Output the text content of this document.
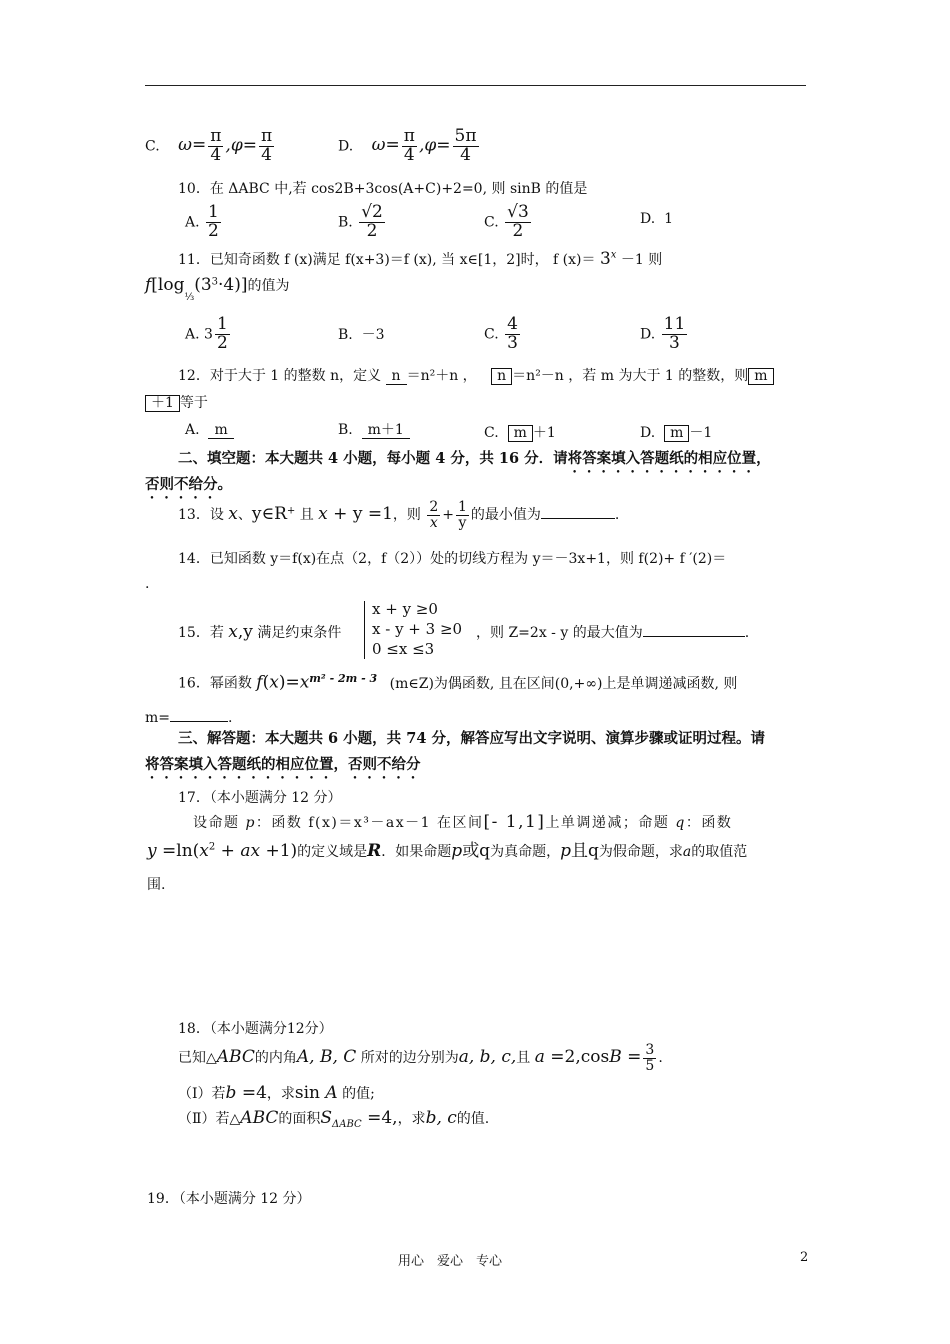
C. $\omega= \frac{\pi}{4} ,\varphi= \frac{\pi}{4}$	D. $\omega= \frac{\pi}{4} ,\varphi= \frac{5\pi}{4}$
10．在 ΔABC 中,若 cos2B+3cos(A+C)+2=0, 则 sinB 的值是
A. $\frac{1}{2}$	B. $\frac{√2}{2}$	C. $\frac{√3}{2}$	D. 1
11．已知奇函数 f (x)满足 f(x+3)＝f (x), 当 x∈[1，2]时， f $(x)= 3^x -1$ 则
$f[\log_{\frac{1}{3}}(3^3\cdot 4)]$的值为
A. $3 \frac{1}{2}$	B. －3	C. $\frac{4}{3}$	D. $\frac{11}{3}$
12．对于大于 1 的整数 n，定义 n ＝n²＋n ， n ＝n²－n ，若 m 为大于 1 的整数，则 m
＋1 等于
A. m	B. m＋1	C. m ＋1	D. m －1
二、填空题：本大题共 4 小题，每小题 4 分，共 16 分．请将答案填入答题纸的相应位置，
否则不给分。
13．设 x、y∈R+ 且 x + y =1，则 $\frac{2}{x} + \frac{1}{y}$ 的最小值为	.
14．已知函数 y＝f(x)在点（2，f（2））处的切线方程为 y＝－3x+1，则 f(2)+ f ′(2)＝
.
15．若 x,y 满足约束条件
x + y ≥0
x - y + 3 ≥0
0 ≤x ≤3
，则 Z=2x - y 的最大值为	.
16．幂函数 $f(x)=x^{m^2 - 2m - 3}$ (m∈Z)为偶函数, 且在区间(0,+∞)上是单调递减函数, 则
m=	.
三、解答题：本大题共 6 小题，共 74 分，解答应写出文字说明、演算步骤或证明过程。请
将答案填入答题纸的相应位置，否则不给分
17．（本小题满分 12 分）
设命题 p：函数 f(x)＝x³－ax－1 在区间[- 1,1]上单调递减；命题 q：函数
$y =\ln(x^2$ + ax +1)的定义域是R．如果命题p或q为真命题，p且q为假命题，求a的取值范
围.
18．（本小题满分12分）
已知△ABC的内角A, B, C 所对的边分别为a, b, c,且 $a =2,\cos B = \frac{3}{5}$ .
（Ⅰ）若b =4，求sin A 的值;
（Ⅱ）若△ABC的面积$S_{\Delta ABC} =4$,，求b, c的值.
19．（本小题满分 12 分）
用心　爱心　专心	2
